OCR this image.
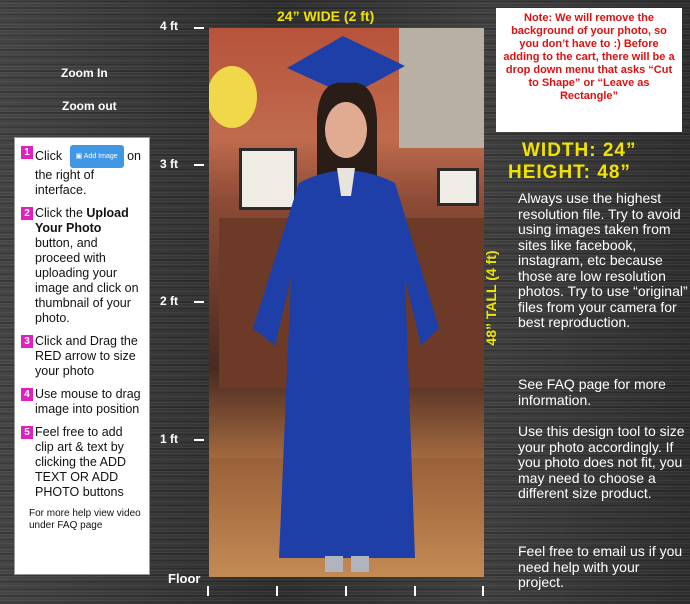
Zoom In
Zoom out
1 Click ▣ Add Image on the right of interface.
2 Click the Upload Your Photo button, and proceed with uploading your image and click on thumbnail of your photo.
3 Click and Drag the RED arrow to size your photo
4 Use mouse to drag image into position
5 Feel free to add clip art & text by clicking the ADD TEXT OR ADD PHOTO buttons
For more help view video under FAQ page
4 ft
3 ft
2 ft
1 ft
Floor
24” WIDE (2 ft)
48” TALL (4 ft)
Note: We will remove the background of your photo, so you don’t have to :) Before adding to the cart, there will be a drop down menu that asks “Cut to Shape” or “Leave as Rectangle”
WIDTH: 24”
HEIGHT: 48”
Always use the highest resolution file. Try to avoid using images taken from sites like facebook, instagram, etc because those are low resolution photos. Try to use “original” files from your camera for best reproduction.
See FAQ page for more information.
Use this design tool to size your photo accordingly. If you photo does not fit, you may need to choose a different size product.
Feel free to email us if you need help with your project.
